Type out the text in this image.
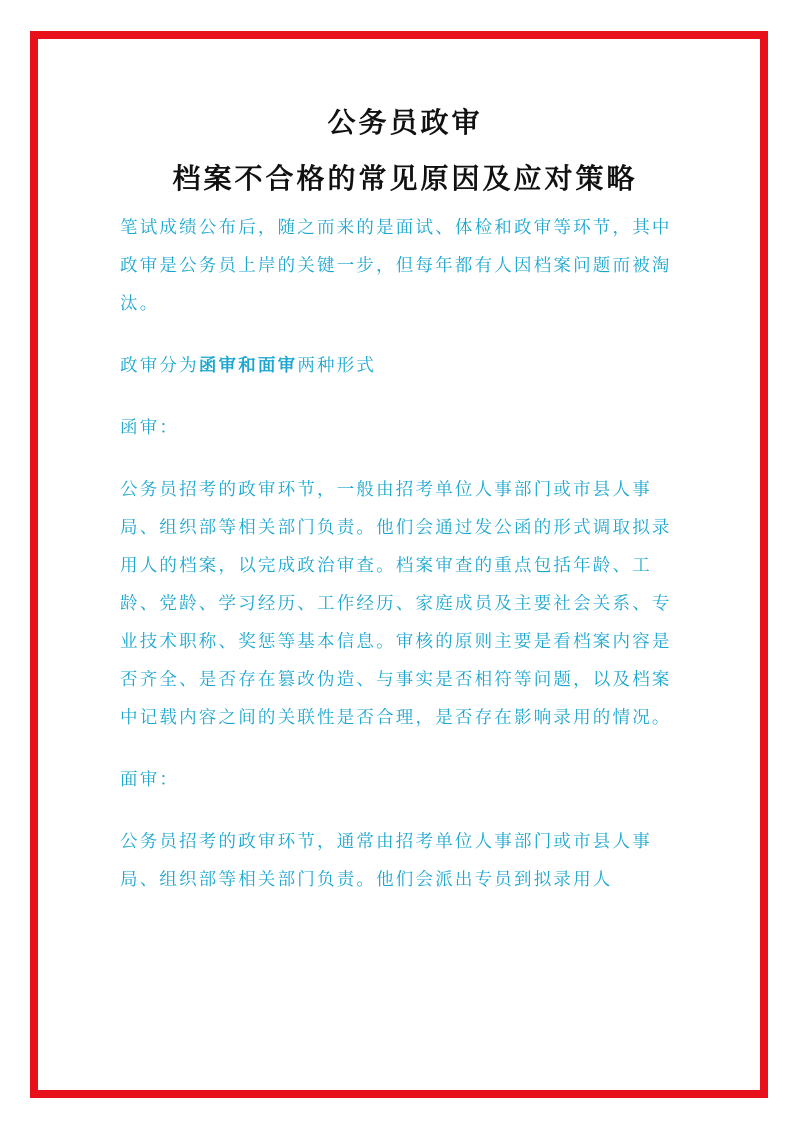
公务员政审
档案不合格的常见原因及应对策略

笔试成绩公布后，随之而来的是面试、体检和政审等环节，其中政审是公务员上岸的关键一步，但每年都有人因档案问题而被淘汰。

政审分为函审和面审两种形式

函审：

公务员招考的政审环节，一般由招考单位人事部门或市县人事局、组织部等相关部门负责。他们会通过发公函的形式调取拟录用人的档案，以完成政治审查。档案审查的重点包括年龄、工龄、党龄、学习经历、工作经历、家庭成员及主要社会关系、专业技术职称、奖惩等基本信息。审核的原则主要是看档案内容是否齐全、是否存在篡改伪造、与事实是否相符等问题，以及档案中记载内容之间的关联性是否合理，是否存在影响录用的情况。

面审：

公务员招考的政审环节，通常由招考单位人事部门或市县人事局、组织部等相关部门负责。他们会派出专员到拟录用人
